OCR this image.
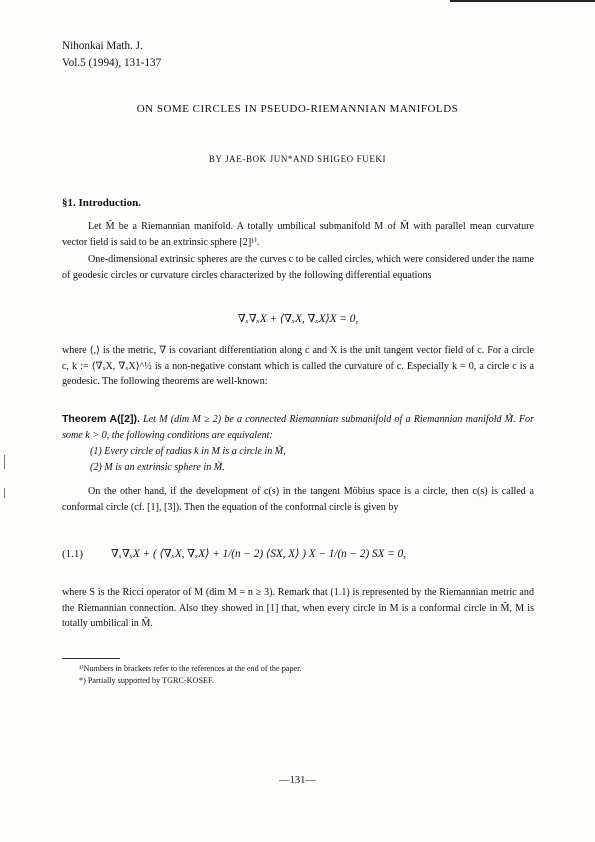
Nihonkai Math. J.
Vol.5 (1994), 131-137
ON SOME CIRCLES IN PSEUDO-RIEMANNIAN MANIFOLDS
BY JAE-BOK JUN*AND SHIGEO FUEKI
§1. Introduction.
Let M̃ be a Riemannian manifold. A totally umbilical submanifold M of M̃ with parallel mean curvature vector field is said to be an extrinsic sphere [2]¹⁾.
One-dimensional extrinsic spheres are the curves c to be called circles, which were considered under the name of geodesic circles or curvature circles characterized by the following differential equations
∇ₓ∇ₓX + ⟨∇ₓX, ∇ₓX⟩X = 0,
where ⟨,⟩ is the metric, ∇ is covariant differentiation along c and X is the unit tangent vector field of c. For a circle c, k := ⟨∇ₓX, ∇ₓX⟩^½ is a non-negative constant which is called the curvature of c. Especially k = 0, a circle c is a geodesic. The following theorems are well-known:
Theorem A([2]). Let M (dim M ≥ 2) be a connected Riemannian submanifold of a Riemannian manifold M̃. For some k > 0, the following conditions are equivalent:
(1) Every circle of radius k in M is a circle in M̃,
(2) M is an extrinsic sphere in M̃.
On the other hand, if the development of c(s) in the tangent Möbius space is a circle, then c(s) is called a conformal circle (cf. [1], [3]). Then the equation of the conformal circle is given by
(1.1) ∇ₓ∇ₓX + ( ⟨∇ₓX, ∇ₓX⟩ + 1/(n − 2) ⟨SX, X⟩ ) X − 1/(n − 2) SX = 0,
where S is the Ricci operator of M (dim M = n ≥ 3). Remark that (1.1) is represented by the Riemannian metric and the Riemannian connection. Also they showed in [1] that, when every circle in M is a conformal circle in M̃, M is totally umbilical in M̃.
¹⁾Numbers in brackets refer to the references at the end of the paper.
*) Partially supported by TGRC-KOSEF.
—131—
